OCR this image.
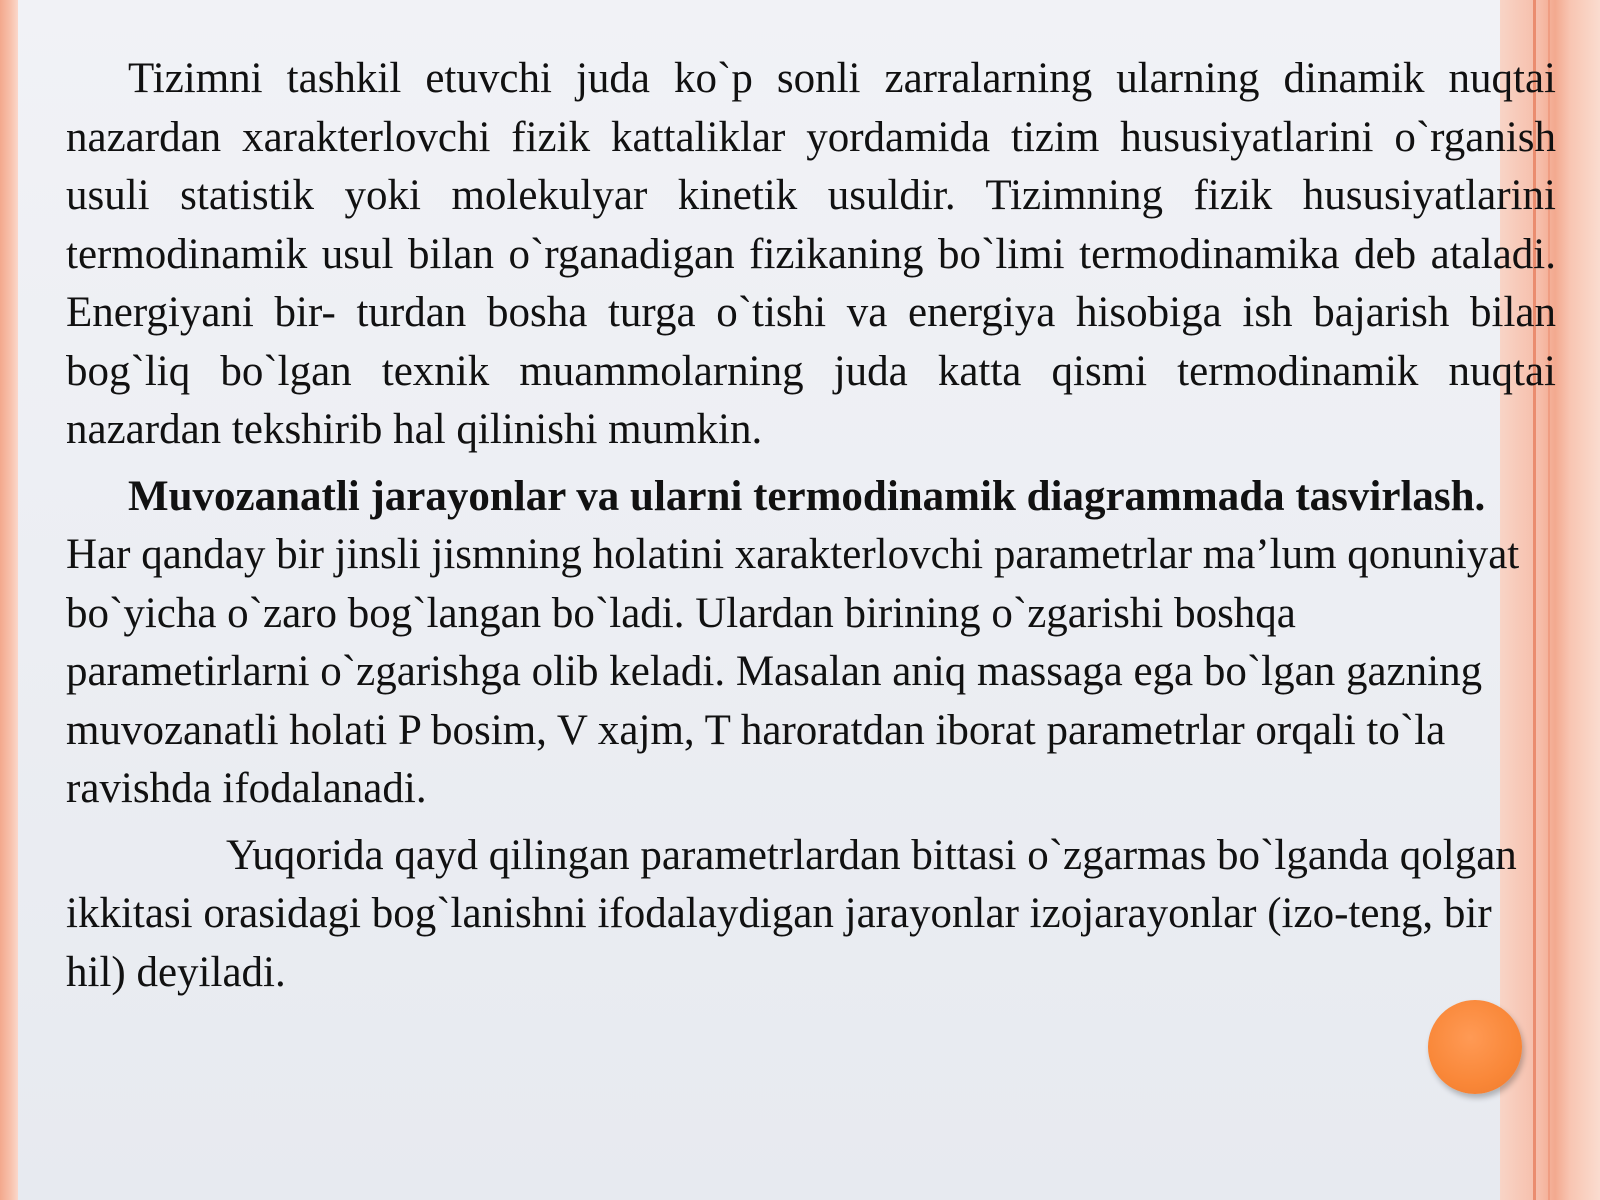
Tizimni tashkil etuvchi juda ko`p sonli zarralarning ularning dinamik nuqtai nazardan xarakterlovchi fizik kattaliklar yordamida tizim hususiyatlarini o`rganish usuli statistik yoki molekulyar kinetik usuldir. Tizimning fizik hususiyatlarini termodinamik usul bilan o`rganadigan fizikaning bo`limi termodinamika deb ataladi. Energiyani bir- turdan bosha turga o`tishi va energiya hisobiga ish bajarish bilan bog`liq bo`lgan texnik muammolarning juda katta qismi termodinamik nuqtai nazardan tekshirib hal qilinishi mumkin.

Muvozanatli jarayonlar va ularni termodinamik diagrammada tasvirlash. Har qanday bir jinsli jismning holatini xarakterlovchi parametrlar ma’lum qonuniyat bo`yicha o`zaro bog`langan bo`ladi. Ulardan birining o`zgarishi boshqa parametirlarni o`zgarishga olib keladi. Masalan aniq massaga ega bo`lgan gazning muvozanatli holati P bosim, V xajm, T haroratdan iborat parametrlar orqali to`la ravishda ifodalanadi.

Yuqorida qayd qilingan parametrlardan bittasi o`zgarmas bo`lganda qolgan ikkitasi orasidagi bog`lanishni ifodalaydigan jarayonlar izojarayonlar (izo-teng, bir hil) deyiladi.
